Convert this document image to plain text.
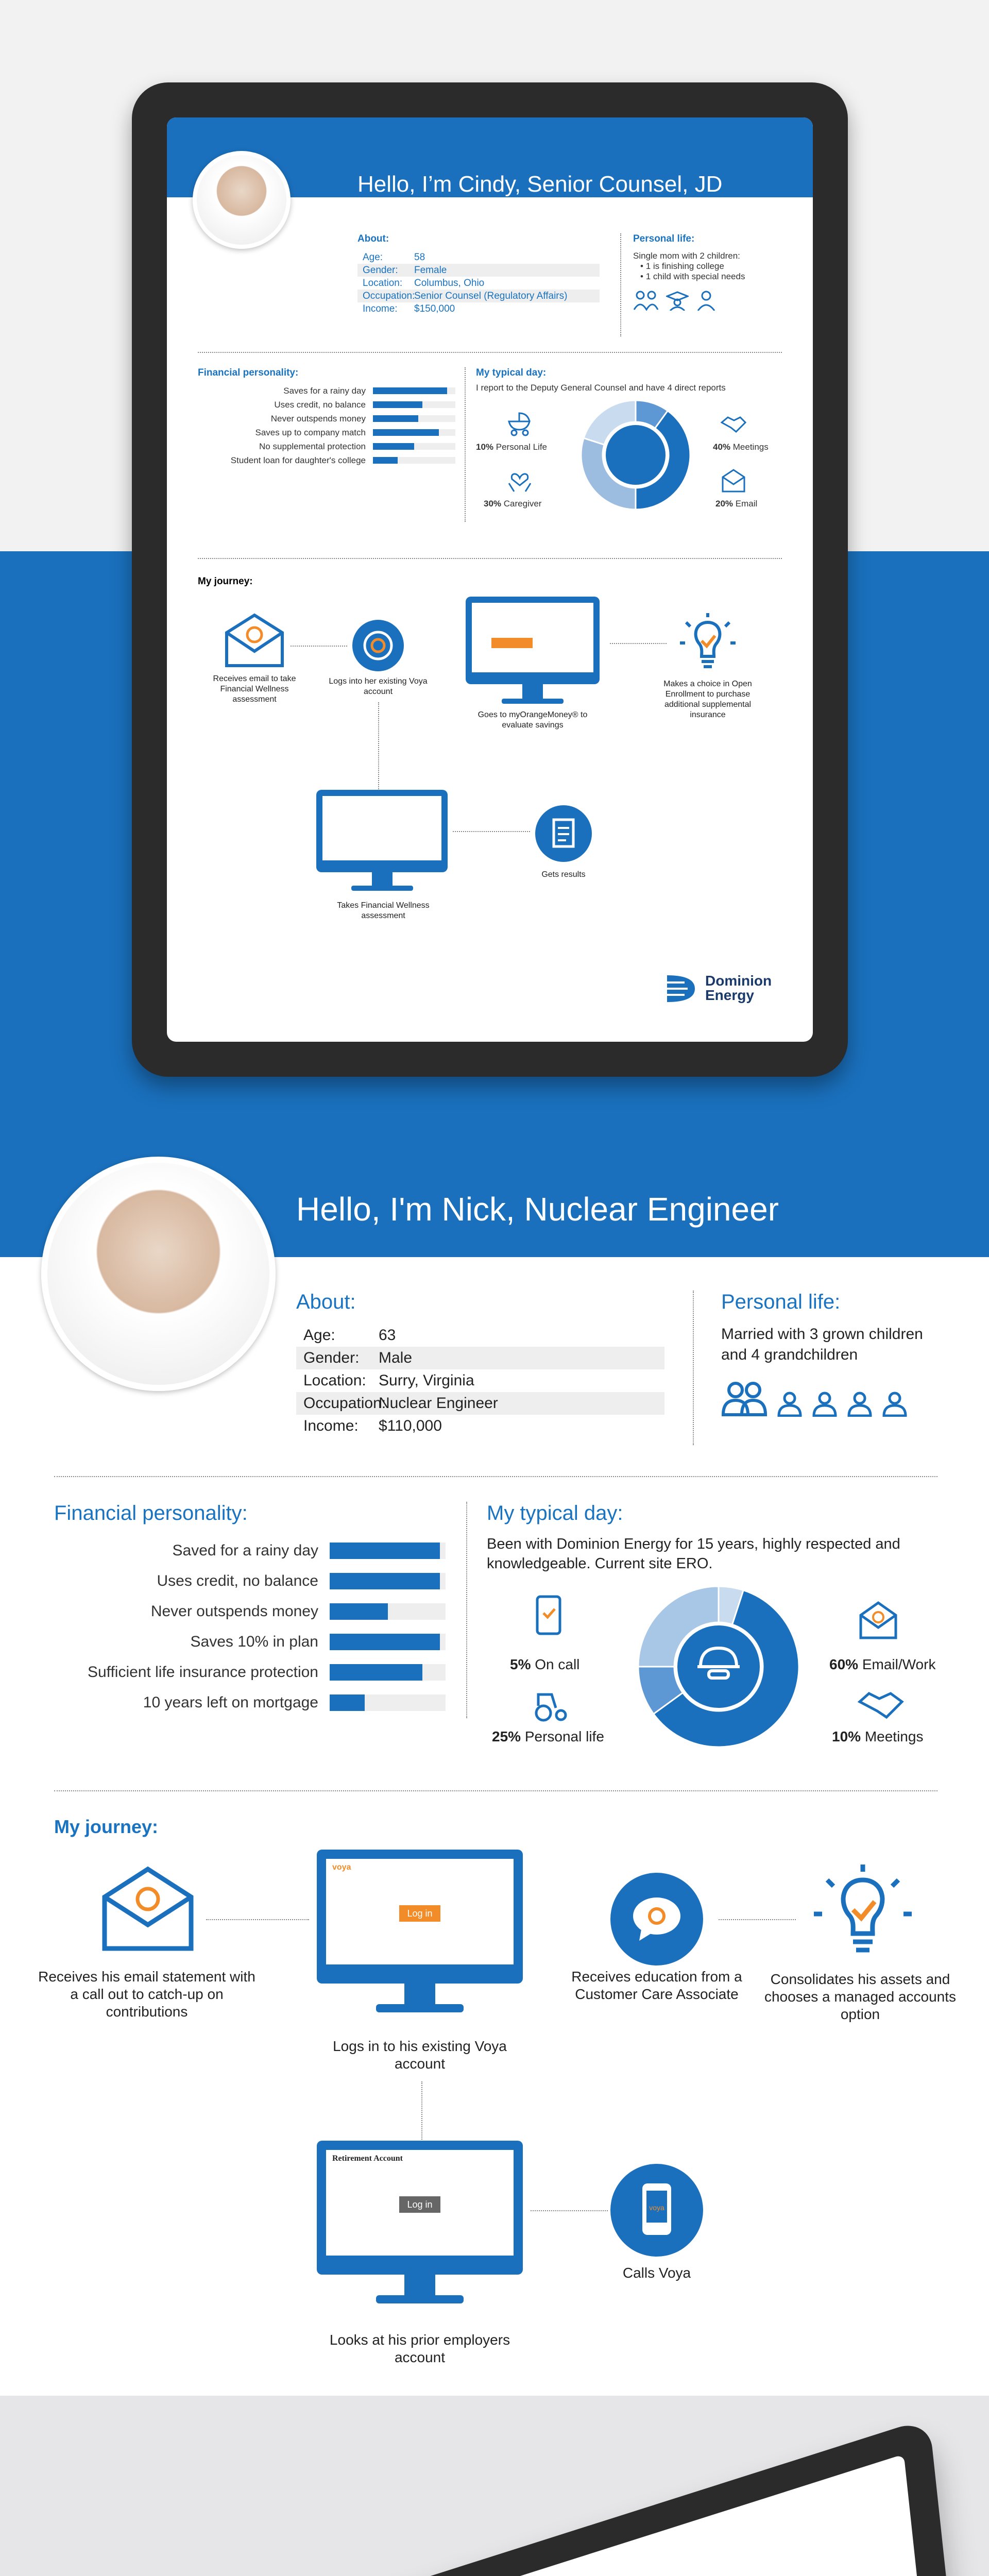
Hello, I’m Cindy, Senior Counsel, JD
About:
Age:	58
Gender:	Female
Location:	Columbus, Ohio
Occupation:
Senior Counsel (Regulatory Affairs)
Income:	$150,000
Personal life:
Single mom with 2 children:
• 1 is finishing college
• 1 child with special needs
Financial personality:
Saves for a rainy day
Uses credit, no balance
Never outspends money
Saves up to company match
No supplemental protection
Student loan for daughter's college
My typical day:
I report to the Deputy General Counsel and have 4 direct reports
10% Personal Life	40% Meetings
30% Caregiver	20% Email
My journey:
Receives email to take Financial Wellness assessment
Logs into her existing Voya account
Goes to myOrangeMoney® to evaluate savings
Makes a choice in Open Enrollment to purchase additional supplemental insurance
Takes Financial Wellness assessment
Gets results
Dominion
Energy
Hello, I'm Nick, Nuclear Engineer
About:
Age:	63
Gender:	Male
Location: Surry, Virginia
Occupation:
Nuclear Engineer
Income:	$110,000
Personal life:
Married with 3 grown children and 4 grandchildren
Financial personality:
Saved for a rainy day
Uses credit, no balance
Never outspends money
Saves 10% in plan
Sufficient life insurance protection
10 years left on mortgage
My typical day:
Been with Dominion Energy for 15 years, highly respected and knowledgeable. Current site ERO.
5% On call	60% Email/Work
25% Personal life	10% Meetings
My journey:
Receives his email statement with a call out to catch-up on contributions
voya
Log in
Logs in to his existing Voya account
Receives education from a Customer Care Associate
Consolidates his assets and chooses a managed accounts option
Retirement Account
Log in
Looks at his prior employers account
voya
Calls Voya
